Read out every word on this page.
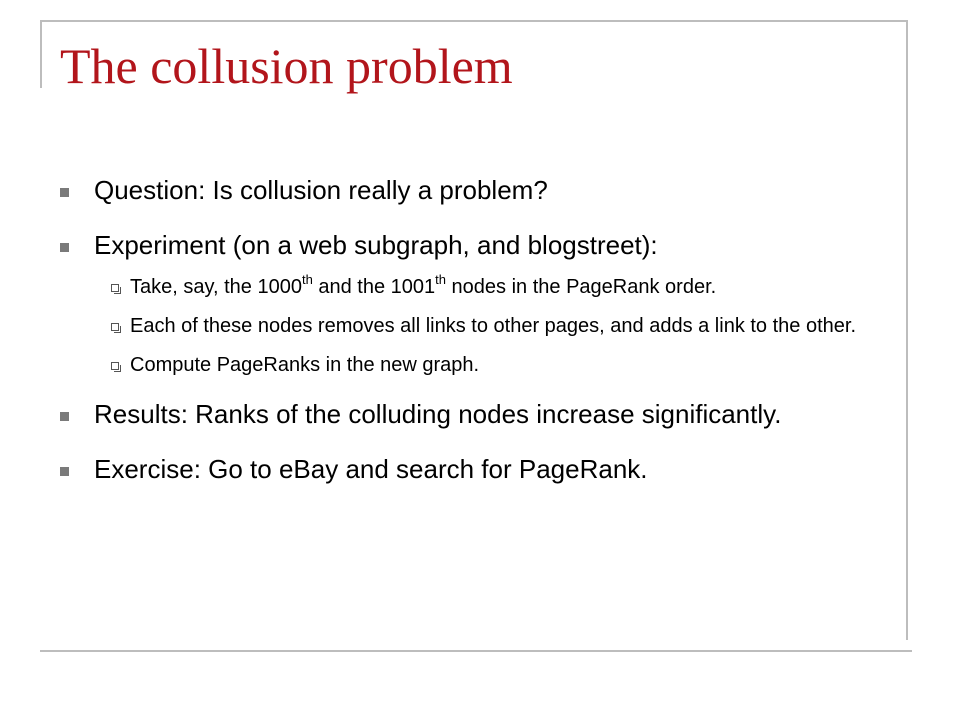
The collusion problem
Question: Is collusion really a problem?
Experiment (on a web subgraph, and blogstreet):
Take, say, the 1000th and the 1001th nodes in the PageRank order.
Each of these nodes removes all links to other pages, and adds a link to the other.
Compute PageRanks in the new graph.
Results: Ranks of the colluding nodes increase significantly.
Exercise: Go to eBay and search for PageRank.
